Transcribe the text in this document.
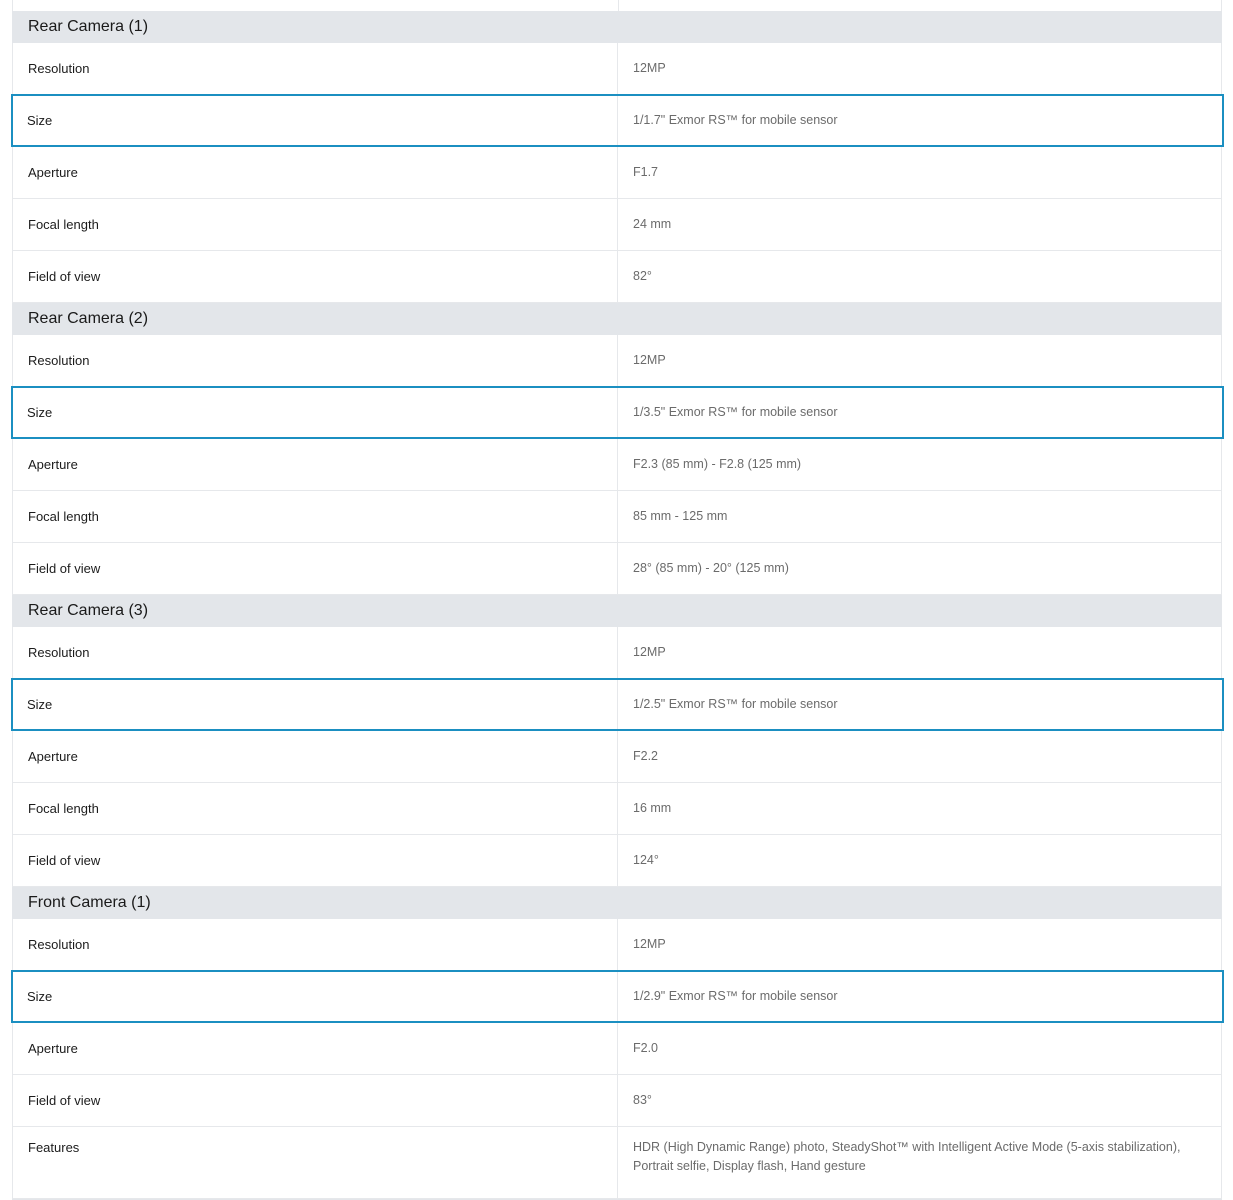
Rear Camera (1)
Resolution	12MP
Size	1/1.7" Exmor RS™ for mobile sensor
Aperture	F1.7
Focal length	24 mm
Field of view	82°
Rear Camera (2)
Resolution	12MP
Size	1/3.5" Exmor RS™ for mobile sensor
Aperture	F2.3 (85 mm) - F2.8 (125 mm)
Focal length	85 mm - 125 mm
Field of view	28° (85 mm) - 20° (125 mm)
Rear Camera (3)
Resolution	12MP
Size	1/2.5" Exmor RS™ for mobile sensor
Aperture	F2.2
Focal length	16 mm
Field of view	124°
Front Camera (1)
Resolution	12MP
Size	1/2.9" Exmor RS™ for mobile sensor
Aperture	F2.0
Field of view	83°
Features	HDR (High Dynamic Range) photo, SteadyShot™ with Intelligent Active Mode (5-axis stabilization), Portrait selfie, Display flash, Hand gesture
